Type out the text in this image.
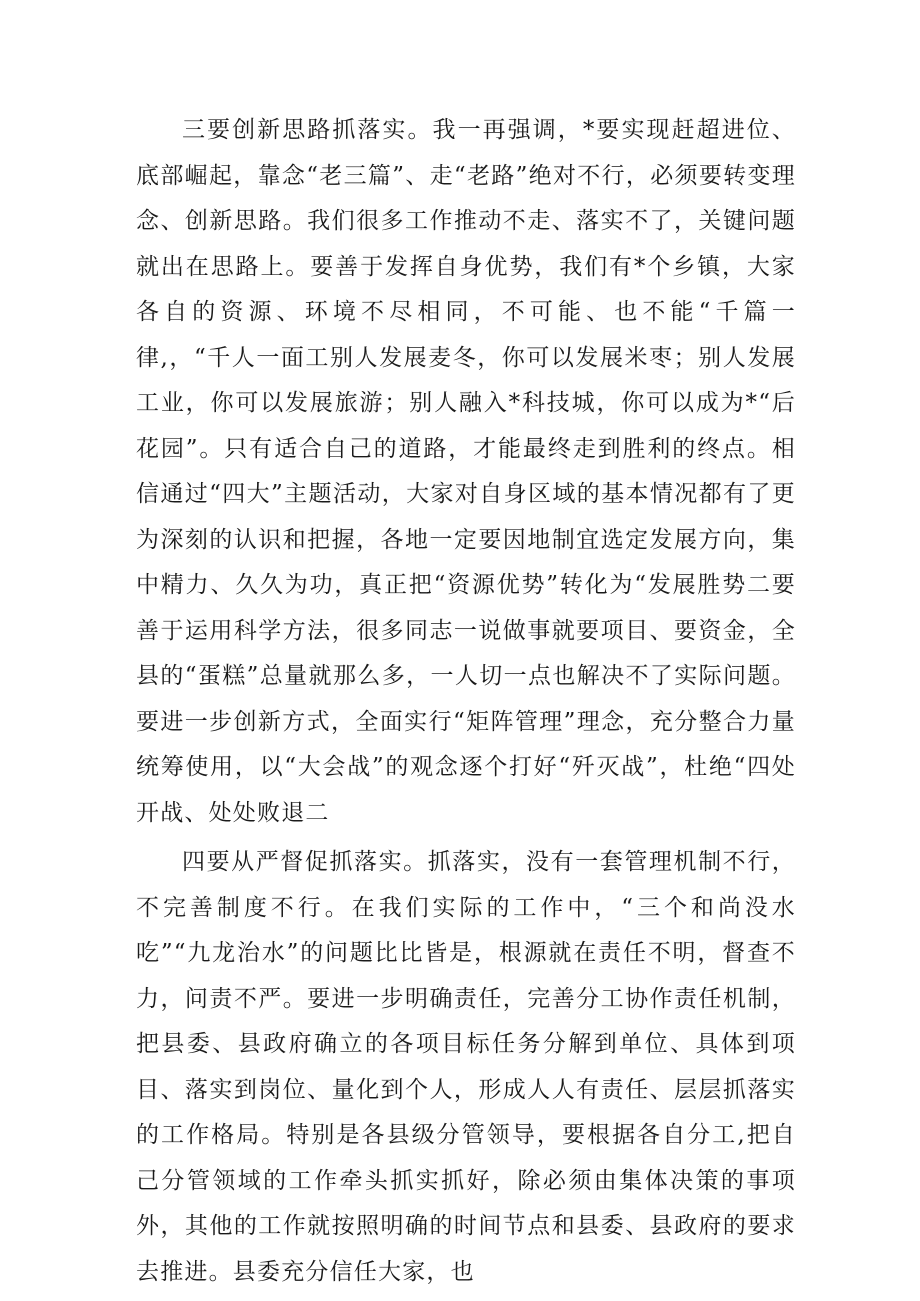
三要创新思路抓落实。我一再强调，*要实现赶超进位、底部崛起，靠念“老三篇”、走“老路”绝对不行，必须要转变理念、创新思路。我们很多工作推动不走、落实不了，关键问题就出在思路上。要善于发挥自身优势，我们有*个乡镇，大家各自的资源、环境不尽相同，不可能、也不能“千篇一律,，“千人一面工别人发展麦冬，你可以发展米枣；别人发展工业，你可以发展旅游；别人融入*科技城，你可以成为*“后花园”。只有适合自己的道路，才能最终走到胜利的终点。相信通过“四大”主题活动，大家对自身区域的基本情况都有了更为深刻的认识和把握，各地一定要因地制宜选定发展方向，集中精力、久久为功，真正把“资源优势”转化为“发展胜势二要善于运用科学方法，很多同志一说做事就要项目、要资金，全县的“蛋糕”总量就那么多，一人切一点也解决不了实际问题。要进一步创新方式，全面实行“矩阵管理”理念，充分整合力量统筹使用，以“大会战”的观念逐个打好“歼灭战”，杜绝“四处开战、处处败退二

四要从严督促抓落实。抓落实，没有一套管理机制不行，不完善制度不行。在我们实际的工作中，“三个和尚没水吃”“九龙治水”的问题比比皆是，根源就在责任不明，督查不力，问责不严。要进一步明确责任，完善分工协作责任机制，把县委、县政府确立的各项目标任务分解到单位、具体到项目、落实到岗位、量化到个人，形成人人有责任、层层抓落实的工作格局。特别是各县级分管领导，要根据各自分工,把自己分管领域的工作牵头抓实抓好，除必须由集体决策的事项外，其他的工作就按照明确的时间节点和县委、县政府的要求去推进。县委充分信任大家，也
